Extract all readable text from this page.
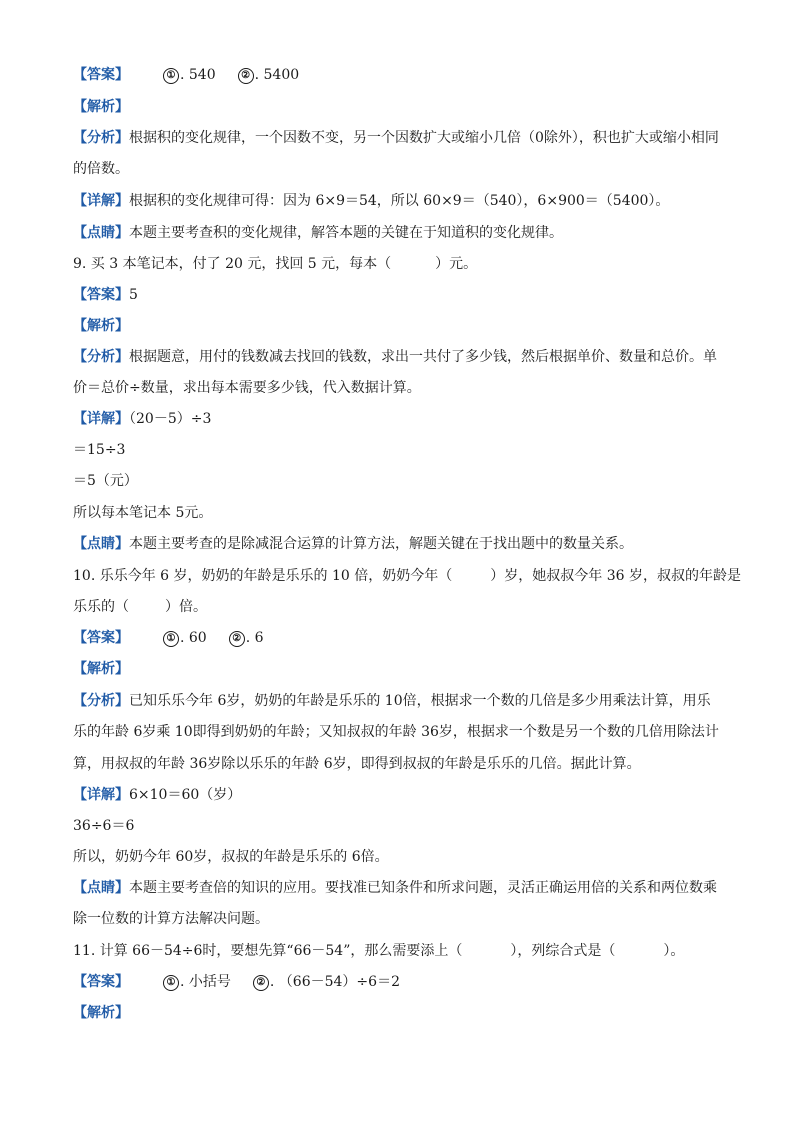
【答案】	① . 540	② . 5400
【解析】
【分析】根据积的变化规律，一个因数不变，另一个因数扩大或缩小几倍（0除外），积也扩大或缩小相同
的倍数。
【详解】根据积的变化规律可得：因为 6×9＝54，所以 60×9＝（540），6×900＝（5400）。
【点睛】本题主要考查积的变化规律，解答本题的关键在于知道积的变化规律。
9. 买 3 本笔记本，付了 20 元，找回 5 元，每本（	）元。
【答案】5
【解析】
【分析】根据题意，用付的钱数减去找回的钱数，求出一共付了多少钱，然后根据单价、数量和总价。单
价＝总价÷数量，求出每本需要多少钱，代入数据计算。
【详解】（20－5）÷3
＝15÷3
＝5（元）
所以每本笔记本 5元。
【点睛】本题主要考查的是除减混合运算的计算方法，解题关键在于找出题中的数量关系。
10. 乐乐今年 6 岁，奶奶的年龄是乐乐的 10 倍，奶奶今年（	）岁，她叔叔今年 36 岁，叔叔的年龄是
乐乐的（	）倍。
【答案】	① . 60	② . 6
【解析】
【分析】已知乐乐今年 6岁，奶奶的年龄是乐乐的 10倍，根据求一个数的几倍是多少用乘法计算，用乐
乐的年龄 6岁乘 10即得到奶奶的年龄；又知叔叔的年龄 36岁，根据求一个数是另一个数的几倍用除法计
算，用叔叔的年龄 36岁除以乐乐的年龄 6岁，即得到叔叔的年龄是乐乐的几倍。据此计算。
【详解】6×10＝60（岁）
36÷6＝6
所以，奶奶今年 60岁，叔叔的年龄是乐乐的 6倍。
【点睛】本题主要考查倍的知识的应用。要找准已知条件和所求问题，灵活正确运用倍的关系和两位数乘
除一位数的计算方法解决问题。
11. 计算 66－54÷6时，要想先算“66－54”，那么需要添上（	），列综合式是（	）。
【答案】	① . 小括号	② . （66－54）÷6＝2
【解析】
